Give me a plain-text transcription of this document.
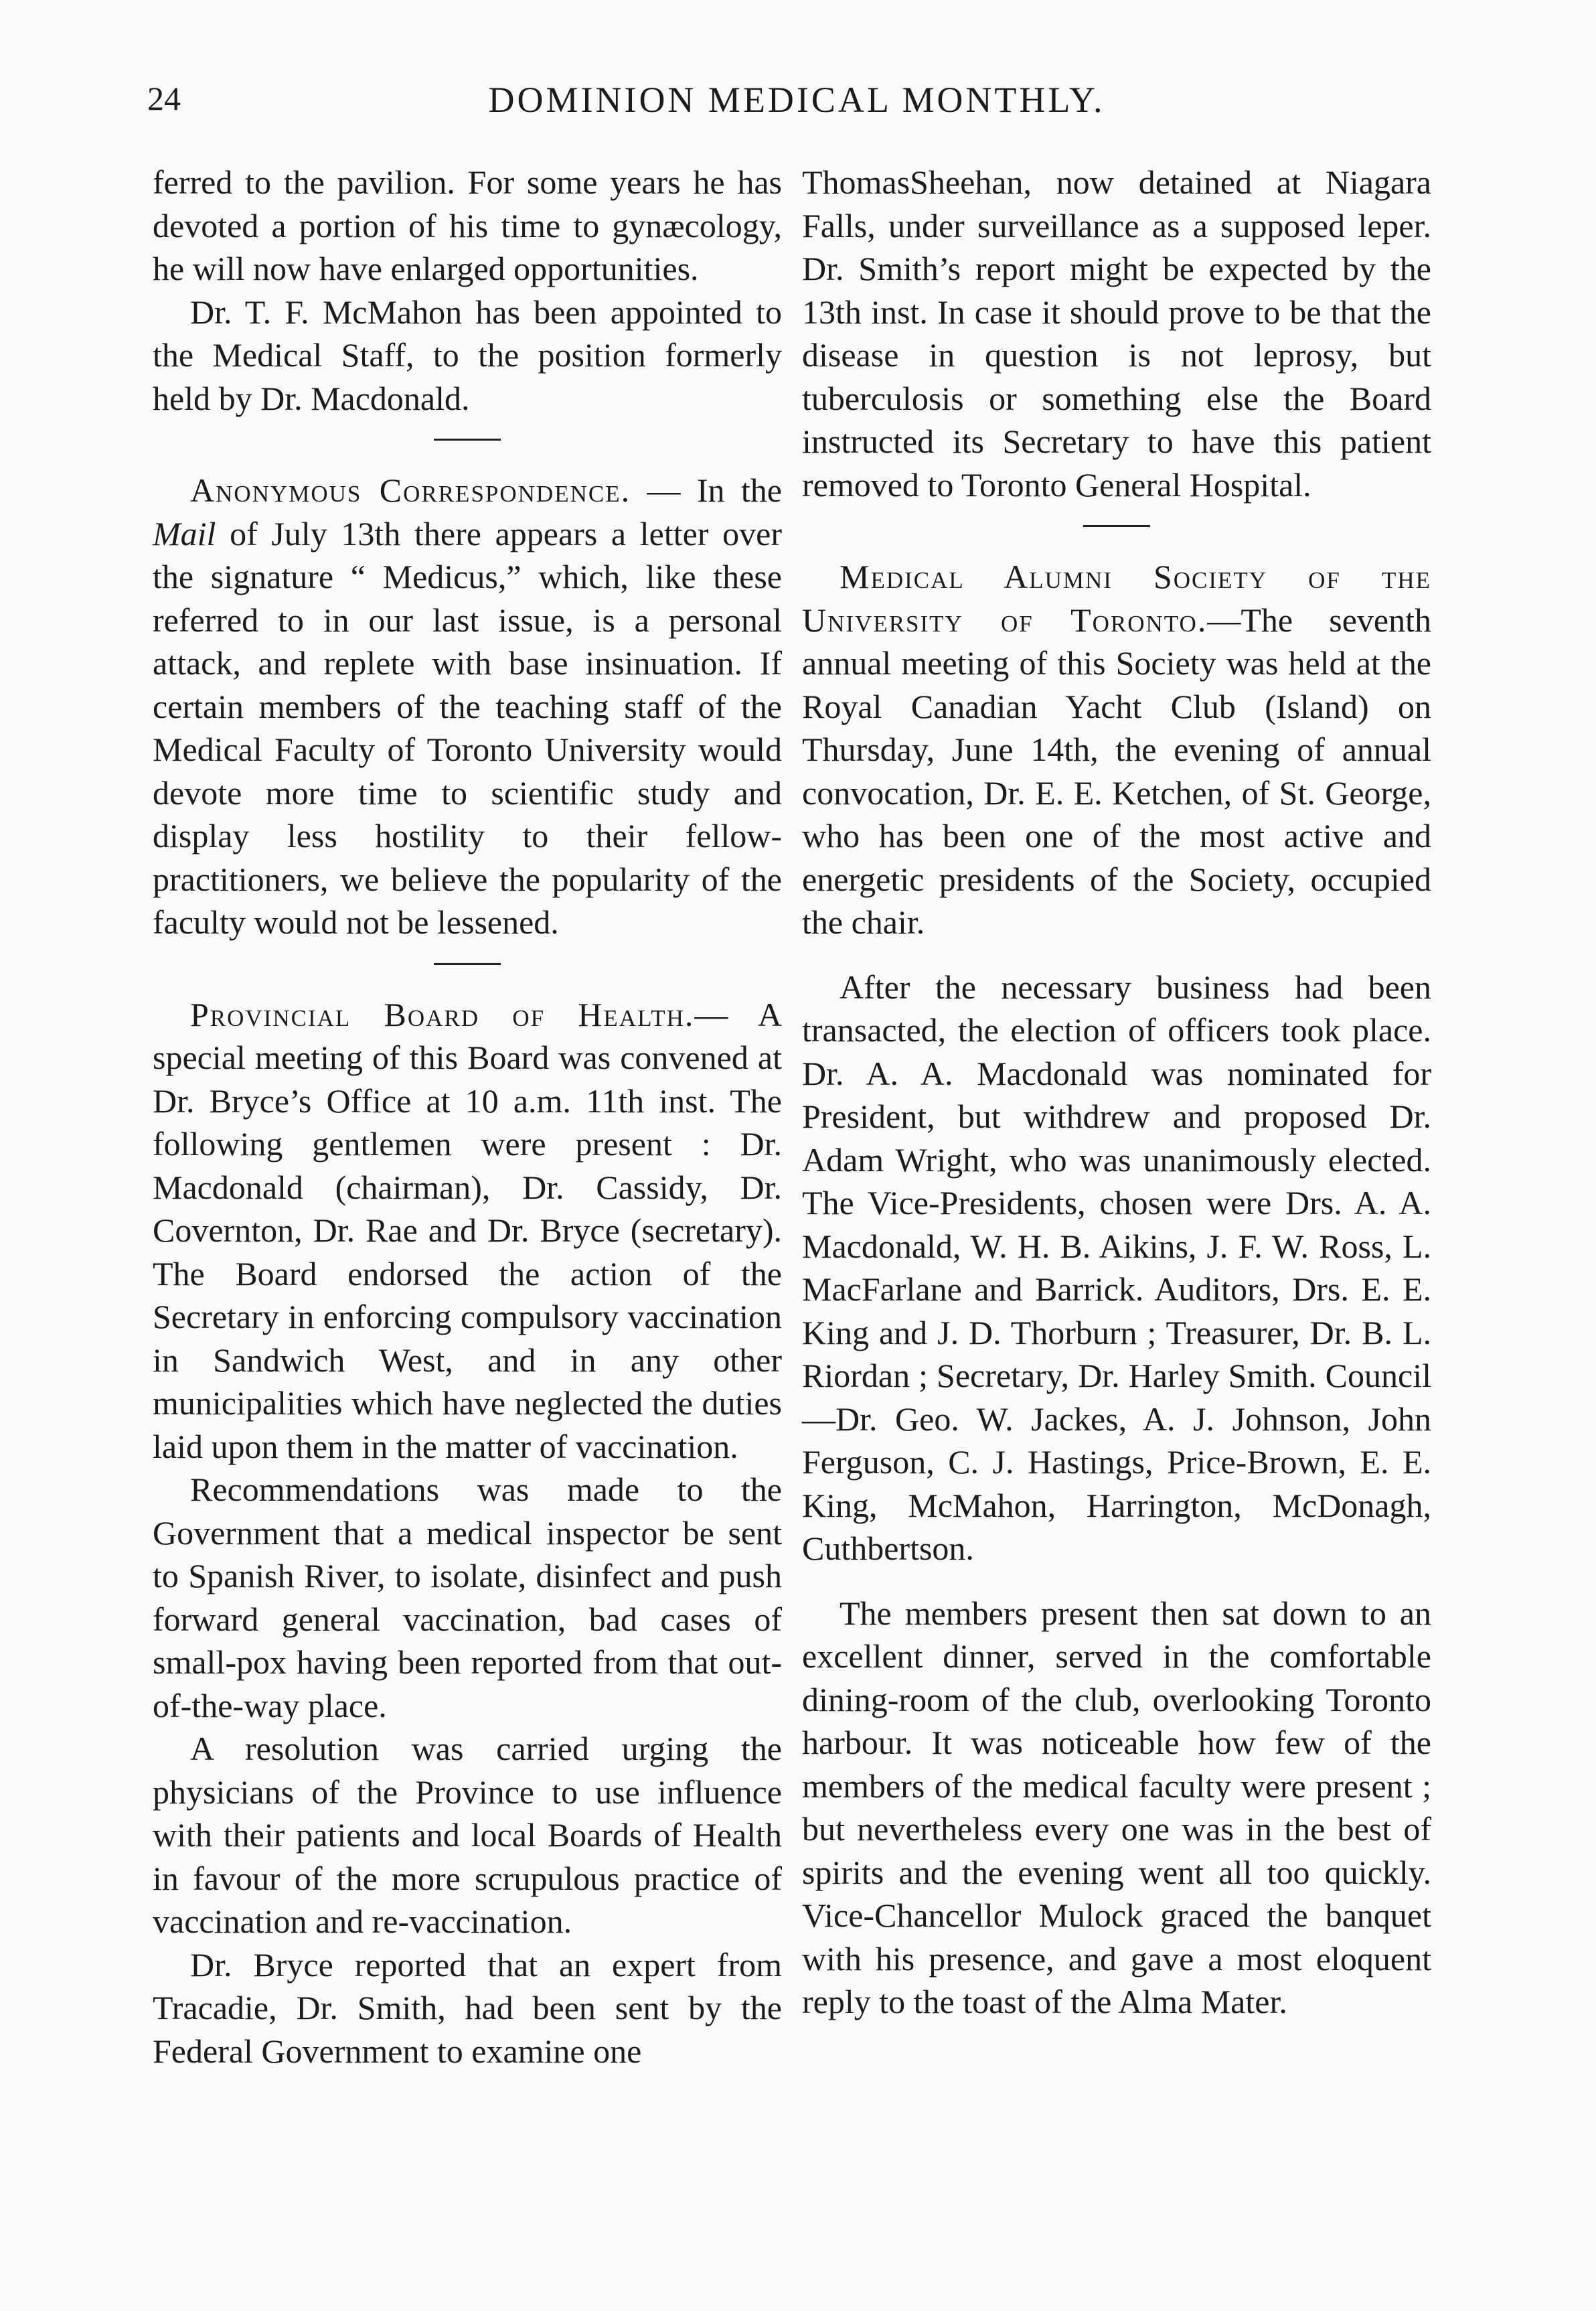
24	DOMINION MEDICAL MONTHLY.

ferred to the pavilion. For some years he has devoted a portion of his time to gynæcology, he will now have enlarged opportunities.

Dr. T. F. McMahon has been appointed to the Medical Staff, to the position formerly held by Dr. Macdonald.

Anonymous Correspondence. — In the Mail of July 13th there appears a letter over the signature “ Medicus,” which, like these referred to in our last issue, is a personal attack, and replete with base insinuation. If certain members of the teaching staff of the Medical Faculty of Toronto University would devote more time to scientific study and display less hostility to their fellow-practitioners, we believe the popularity of the faculty would not be lessened.

Provincial Board of Health.— A special meeting of this Board was convened at Dr. Bryce’s Office at 10 a.m. 11th inst. The following gentlemen were present : Dr. Macdonald (chairman), Dr. Cassidy, Dr. Covernton, Dr. Rae and Dr. Bryce (secretary). The Board endorsed the action of the Secretary in enforcing compulsory vaccination in Sandwich West, and in any other municipalities which have neglected the duties laid upon them in the matter of vaccination.

Recommendations was made to the Government that a medical inspector be sent to Spanish River, to isolate, disinfect and push forward general vaccination, bad cases of small-pox having been reported from that out-of-the-way place.

A resolution was carried urging the physicians of the Province to use influence with their patients and local Boards of Health in favour of the more scrupulous practice of vaccination and re-vaccination.

Dr. Bryce reported that an expert from Tracadie, Dr. Smith, had been sent by the Federal Government to examine one

ThomasSheehan, now detained at Niagara Falls, under surveillance as a supposed leper. Dr. Smith’s report might be expected by the 13th inst. In case it should prove to be that the disease in question is not leprosy, but tuberculosis or something else the Board instructed its Secretary to have this patient removed to Toronto General Hospital.

Medical Alumni Society of the University of Toronto.—The seventh annual meeting of this Society was held at the Royal Canadian Yacht Club (Island) on Thursday, June 14th, the evening of annual convocation, Dr. E. E. Ketchen, of St. George, who has been one of the most active and energetic presidents of the Society, occupied the chair.

After the necessary business had been transacted, the election of officers took place. Dr. A. A. Macdonald was nominated for President, but withdrew and proposed Dr. Adam Wright, who was unanimously elected. The Vice-Presidents, chosen were Drs. A. A. Macdonald, W. H. B. Aikins, J. F. W. Ross, L. MacFarlane and Barrick. Auditors, Drs. E. E. King and J. D. Thorburn ; Treasurer, Dr. B. L. Riordan ; Secretary, Dr. Harley Smith. Council—Dr. Geo. W. Jackes, A. J. Johnson, John Ferguson, C. J. Hastings, Price-Brown, E. E. King, McMahon, Harrington, McDonagh, Cuthbertson.

The members present then sat down to an excellent dinner, served in the comfortable dining-room of the club, overlooking Toronto harbour. It was noticeable how few of the members of the medical faculty were present ; but nevertheless every one was in the best of spirits and the evening went all too quickly. Vice-Chancellor Mulock graced the banquet with his presence, and gave a most eloquent reply to the toast of the Alma Mater.
